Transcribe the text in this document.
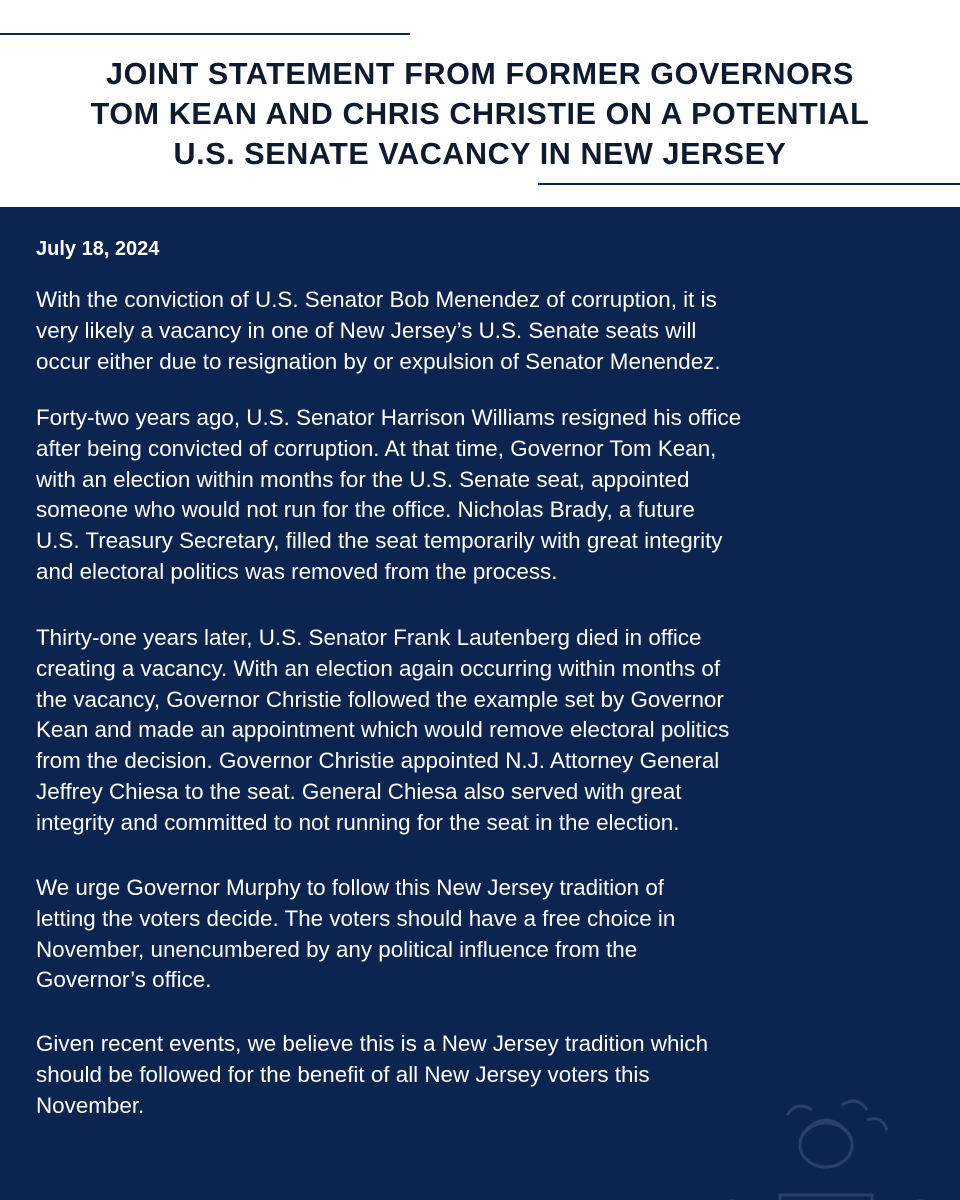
JOINT STATEMENT FROM FORMER GOVERNORS
TOM KEAN AND CHRIS CHRISTIE ON A POTENTIAL
U.S. SENATE VACANCY IN NEW JERSEY
July 18, 2024

With the conviction of U.S. Senator Bob Menendez of corruption, it is
very likely a vacancy in one of New Jersey’s U.S. Senate seats will
occur either due to resignation by or expulsion of Senator Menendez.

Forty-two years ago, U.S. Senator Harrison Williams resigned his office
after being convicted of corruption. At that time, Governor Tom Kean,
with an election within months for the U.S. Senate seat, appointed
someone who would not run for the office. Nicholas Brady, a future
U.S. Treasury Secretary, filled the seat temporarily with great integrity
and electoral politics was removed from the process.

Thirty-one years later, U.S. Senator Frank Lautenberg died in office
creating a vacancy. With an election again occurring within months of
the vacancy, Governor Christie followed the example set by Governor
Kean and made an appointment which would remove electoral politics
from the decision. Governor Christie appointed N.J. Attorney General
Jeffrey Chiesa to the seat. General Chiesa also served with great
integrity and committed to not running for the seat in the election.

We urge Governor Murphy to follow this New Jersey tradition of
letting the voters decide. The voters should have a free choice in
November, unencumbered by any political influence from the
Governor’s office.

Given recent events, we believe this is a New Jersey tradition which
should be followed for the benefit of all New Jersey voters this
November.
